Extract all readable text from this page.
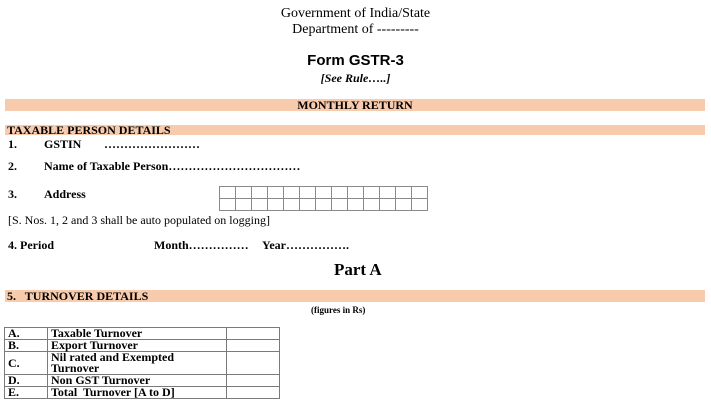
Government of India/State
Department of ---------
Form GSTR-3
[See Rule…..]
MONTHLY RETURN
TAXABLE PERSON DETAILS
1. GSTIN ……………………
2. Name of Taxable Person……………………………
3. Address

[S. Nos. 1, 2 and 3 shall be auto populated on logging]
4. Period	Month…………… Year…………….
Part A
5.   TURNOVER DETAILS
(figures in Rs)
A.	Taxable Turnover	
B.	Export Turnover	
C.	Nil rated and Exempted Turnover	
D.	Non GST Turnover	
E.	Total  Turnover [A to D]	
